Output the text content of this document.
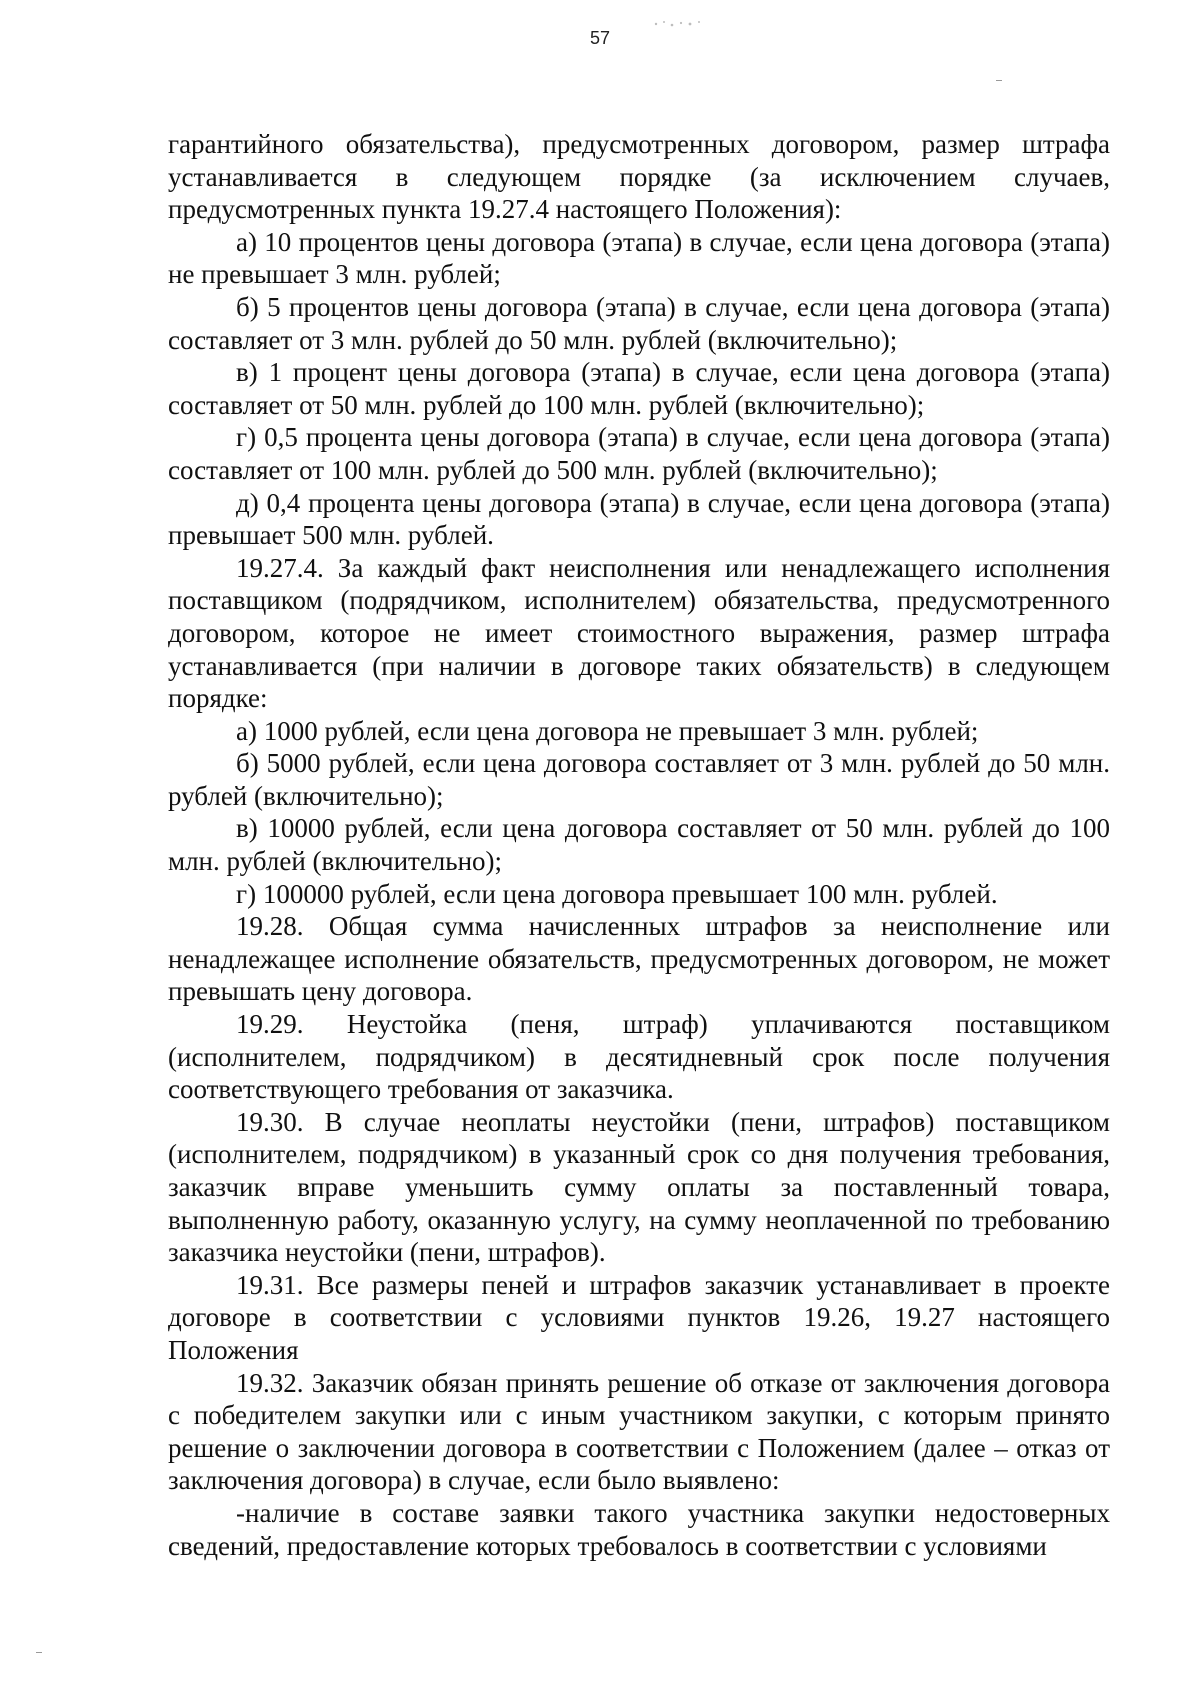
57

гарантийного обязательства), предусмотренных договором, размер штрафа устанавливается в следующем порядке (за исключением случаев, предусмотренных пункта 19.27.4 настоящего Положения):

а) 10 процентов цены договора (этапа) в случае, если цена договора (этапа) не превышает 3 млн. рублей;

б) 5 процентов цены договора (этапа) в случае, если цена договора (этапа) составляет от 3 млн. рублей до 50 млн. рублей (включительно);

в) 1 процент цены договора (этапа) в случае, если цена договора (этапа) составляет от 50 млн. рублей до 100 млн. рублей (включительно);

г) 0,5 процента цены договора (этапа) в случае, если цена договора (этапа) составляет от 100 млн. рублей до 500 млн. рублей (включительно);

д) 0,4 процента цены договора (этапа) в случае, если цена договора (этапа) превышает 500 млн. рублей.

19.27.4. За каждый факт неисполнения или ненадлежащего исполнения поставщиком (подрядчиком, исполнителем) обязательства, предусмотренного договором, которое не имеет стоимостного выражения, размер штрафа устанавливается (при наличии в договоре таких обязательств) в следующем порядке:

а) 1000 рублей, если цена договора не превышает 3 млн. рублей;

б) 5000 рублей, если цена договора составляет от 3 млн. рублей до 50 млн. рублей (включительно);

в) 10000 рублей, если цена договора составляет от 50 млн. рублей до 100 млн. рублей (включительно);

г) 100000 рублей, если цена договора превышает 100 млн. рублей.

19.28. Общая сумма начисленных штрафов за неисполнение или ненадлежащее исполнение обязательств, предусмотренных договором, не может превышать цену договора.

19.29. Неустойка (пеня, штраф) уплачиваются поставщиком (исполнителем, подрядчиком) в десятидневный срок после получения соответствующего требования от заказчика.

19.30. В случае неоплаты неустойки (пени, штрафов) поставщиком (исполнителем, подрядчиком) в указанный срок со дня получения требования, заказчик вправе уменьшить сумму оплаты за поставленный товара, выполненную работу, оказанную услугу, на сумму неоплаченной по требованию заказчика неустойки (пени, штрафов).

19.31. Все размеры пеней и штрафов заказчик устанавливает в проекте договоре в соответствии с условиями пунктов 19.26, 19.27 настоящего Положения

19.32. Заказчик обязан принять решение об отказе от заключения договора с победителем закупки или с иным участником закупки, с которым принято решение о заключении договора в соответствии с Положением (далее – отказ от заключения договора) в случае, если было выявлено:

-наличие в составе заявки такого участника закупки недостоверных сведений, предоставление которых требовалось в соответствии с условиями
